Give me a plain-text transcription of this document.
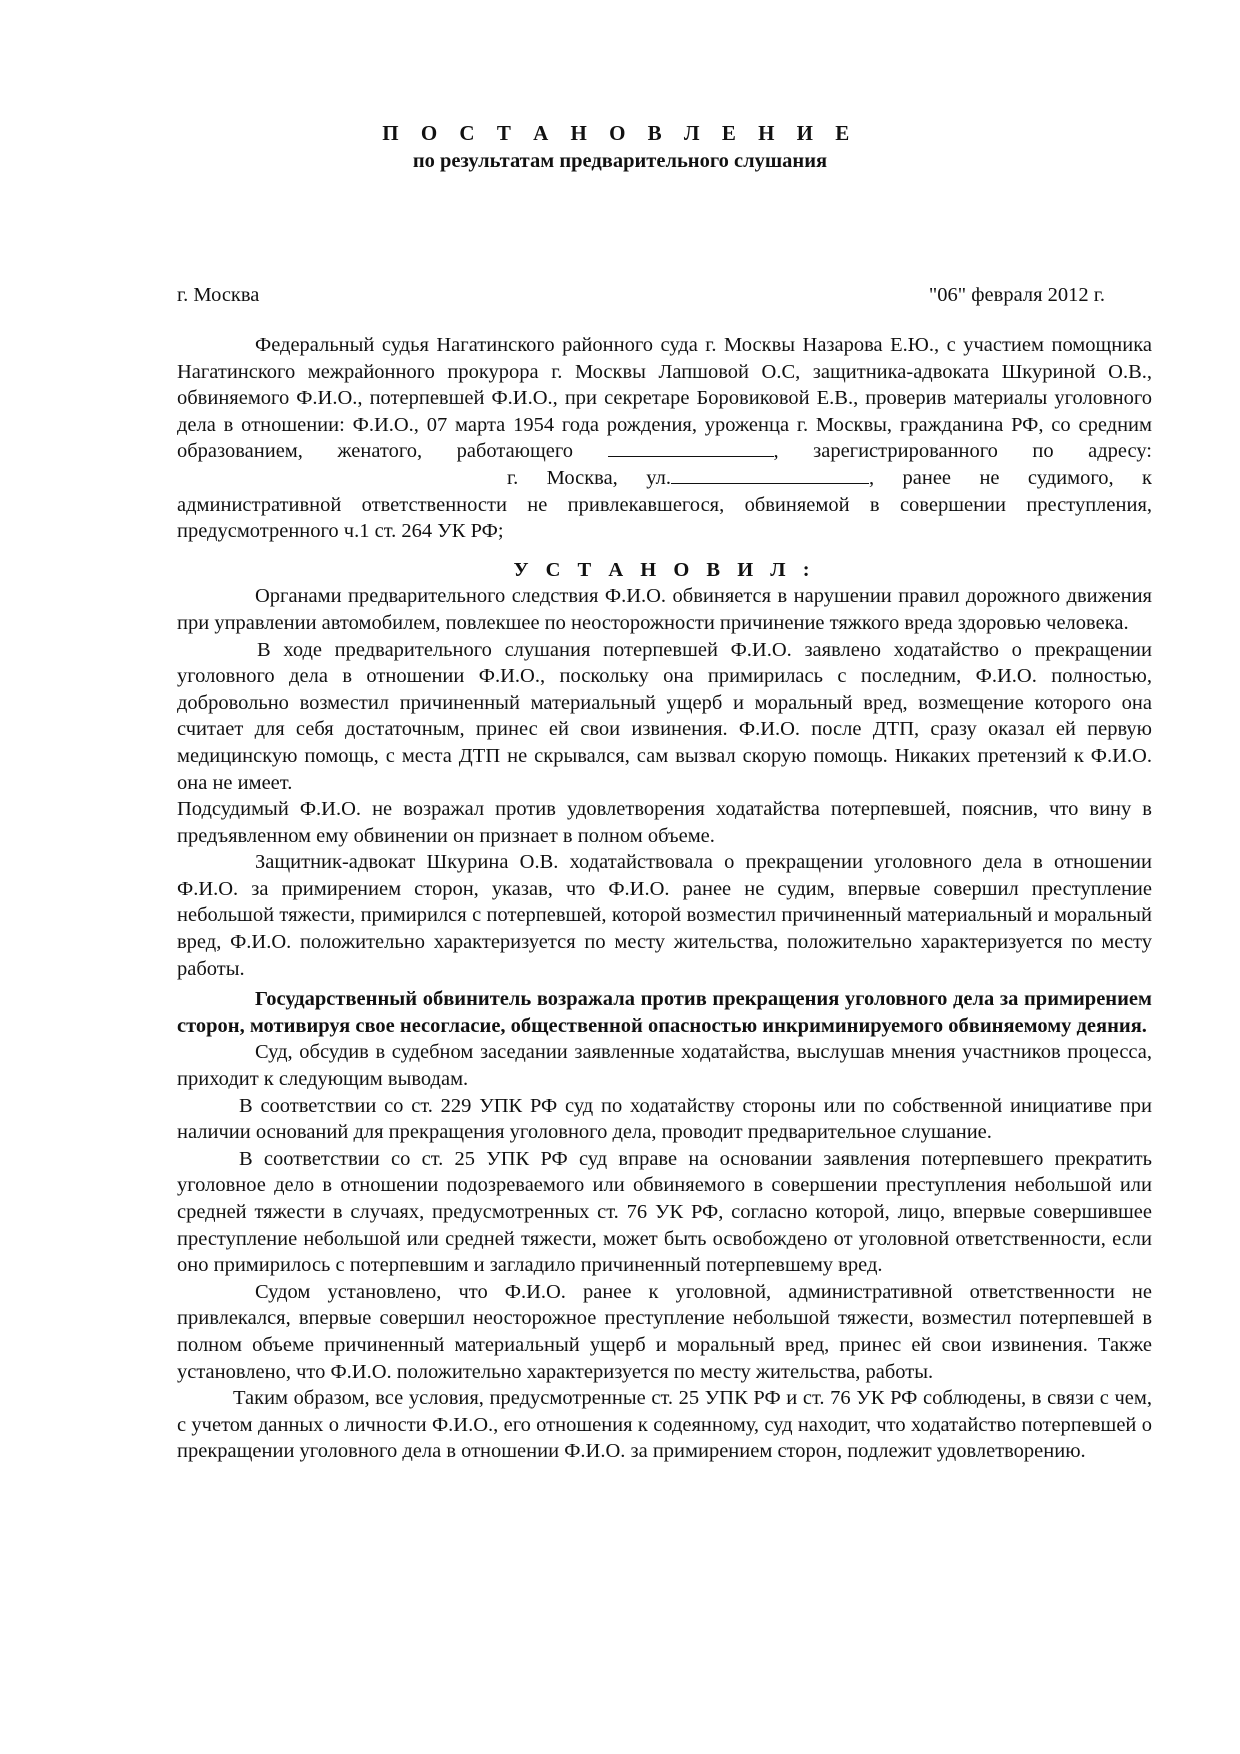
П О С Т А Н О В Л Е Н И Е
по результатам предварительного слушания
г. Москва	"06" февраля 2012 г.

Федеральный судья Нагатинского районного суда г. Москвы Назарова Е.Ю., с участием помощника Нагатинского межрайонного прокурора г. Москвы Лапшовой О.С, защитника-адвоката Шкуриной О.В., обвиняемого Ф.И.О., потерпевшей Ф.И.О., при секретаре Боровиковой Е.В., проверив материалы уголовного дела в отношении: Ф.И.О., 07 марта 1954 года рождения, уроженца г. Москвы, гражданина РФ, со средним образованием, женатого, работающего	, зарегистрированного по адресу:г. Москва, ул.	, ранее не судимого, к административной ответственности не привлекавшегося, обвиняемой в совершении преступления, предусмотренного ч.1 ст. 264 УК РФ;

У С Т А Н О В И Л :

Органами предварительного следствия Ф.И.О. обвиняется в нарушении правил дорожного движения при управлении автомобилем, повлекшее по неосторожности причинение тяжкого вреда здоровью человека.

В ходе предварительного слушания потерпевшей Ф.И.О. заявлено ходатайство о прекращении уголовного дела в отношении Ф.И.О., поскольку она примирилась с последним, Ф.И.О. полностью, добровольно возместил причиненный материальный ущерб и моральный вред, возмещение которого она считает для себя достаточным, принес ей свои извинения. Ф.И.О. после ДТП, сразу оказал ей первую медицинскую помощь, с места ДТП не скрывался, сам вызвал скорую помощь. Никаких претензий к Ф.И.О. она не имеет.

Подсудимый Ф.И.О. не возражал против удовлетворения ходатайства потерпевшей, пояснив, что вину в предъявленном ему обвинении он признает в полном объеме.

Защитник-адвокат Шкурина О.В. ходатайствовала о прекращении уголовного дела в отношении Ф.И.О. за примирением сторон, указав, что Ф.И.О. ранее не судим, впервые совершил преступление небольшой тяжести, примирился с потерпевшей, которой возместил причиненный материальный и моральный вред, Ф.И.О. положительно характеризуется по месту жительства, положительно характеризуется по месту работы.

Государственный обвинитель возражала против прекращения уголовного дела за примирением сторон, мотивируя свое несогласие, общественной опасностью инкриминируемого обвиняемому деяния.

Суд, обсудив в судебном заседании заявленные ходатайства, выслушав мнения участников процесса, приходит к следующим выводам.

В соответствии со ст. 229 УПК РФ суд по ходатайству стороны или по собственной инициативе при наличии оснований для прекращения уголовного дела, проводит предварительное слушание.

В соответствии со ст. 25 УПК РФ суд вправе на основании заявления потерпевшего прекратить уголовное дело в отношении подозреваемого или обвиняемого в совершении преступления небольшой или средней тяжести в случаях, предусмотренных ст. 76 УК РФ, согласно которой, лицо, впервые совершившее преступление небольшой или средней тяжести, может быть освобождено от уголовной ответственности, если оно примирилось с потерпевшим и загладило причиненный потерпевшему вред.

Судом установлено, что Ф.И.О. ранее к уголовной, административной ответственности не привлекался, впервые совершил неосторожное преступление небольшой тяжести, возместил потерпевшей в полном объеме причиненный материальный ущерб и моральный вред, принес ей свои извинения. Также установлено, что Ф.И.О. положительно характеризуется по месту жительства, работы.

Таким образом, все условия, предусмотренные ст. 25 УПК РФ и ст. 76 УК РФ соблюдены, в связи с чем, с учетом данных о личности Ф.И.О., его отношения к содеянному, суд находит, что ходатайство потерпевшей о прекращении уголовного дела в отношении Ф.И.О. за примирением сторон, подлежит удовлетворению.
